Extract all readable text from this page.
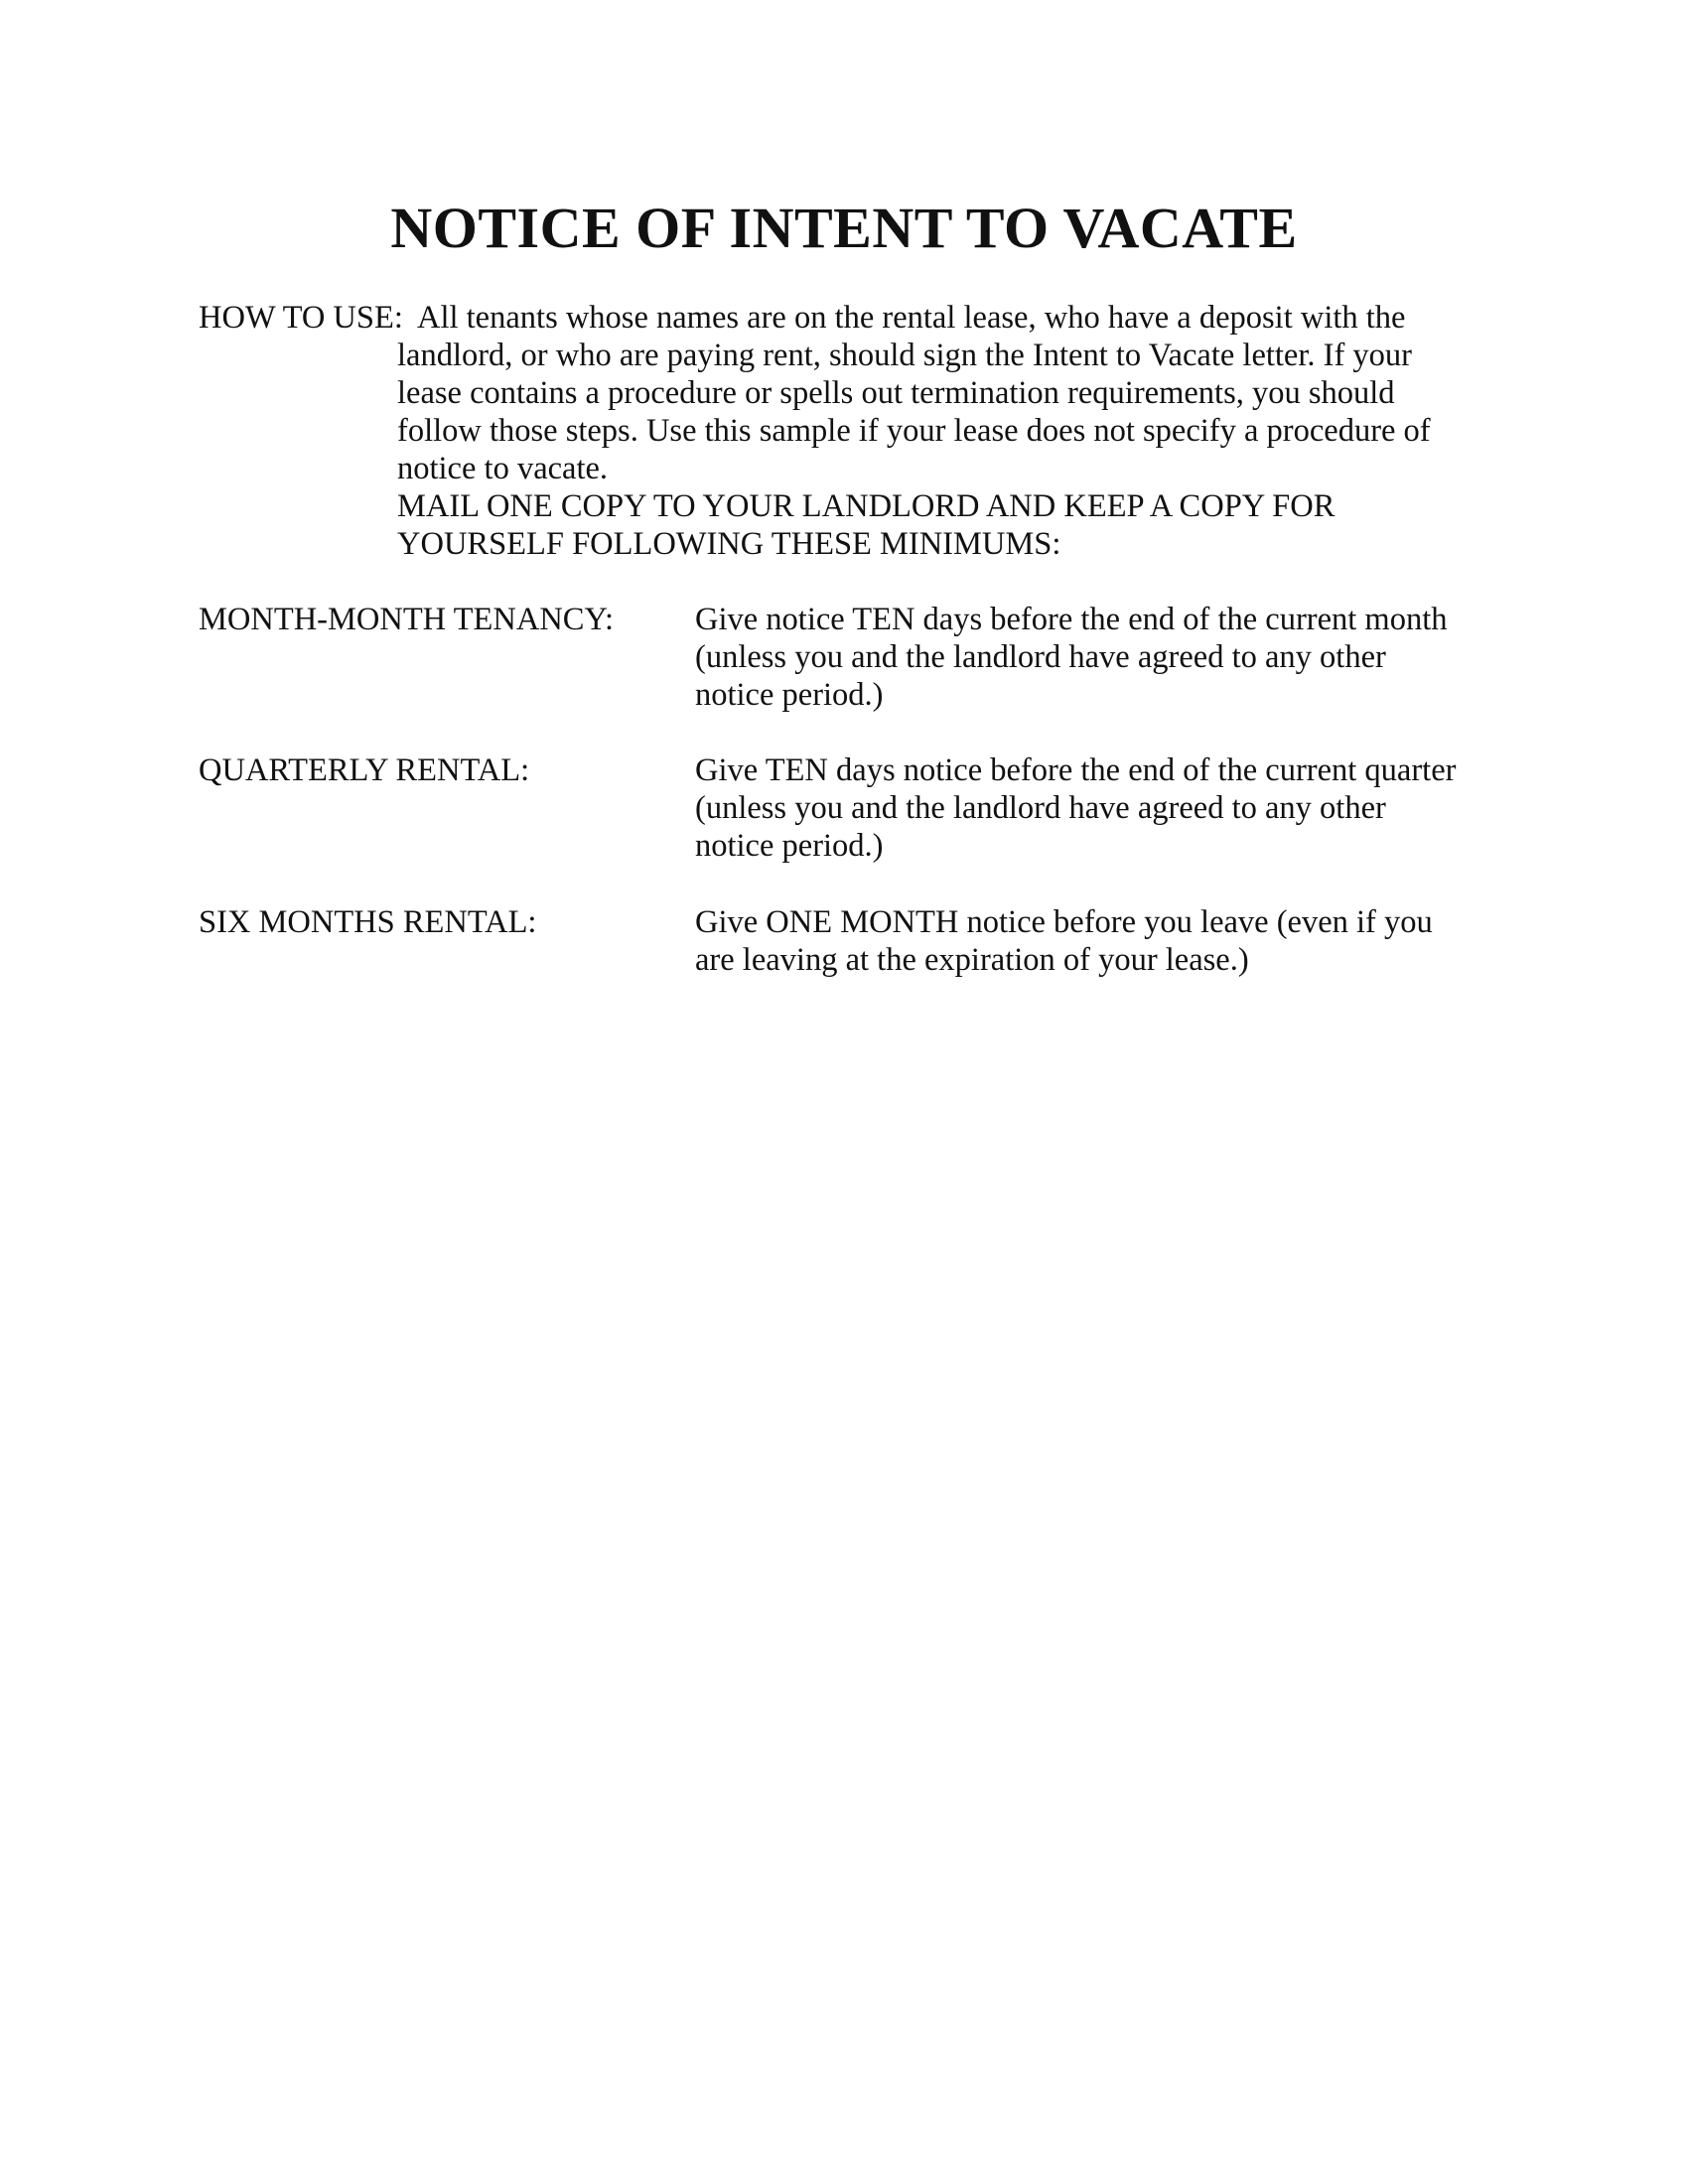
NOTICE OF INTENT TO VACATE
HOW TO USE: All tenants whose names are on the rental lease, who have a deposit with the
landlord, or who are paying rent, should sign the Intent to Vacate letter. If your
lease contains a procedure or spells out termination requirements, you should
follow those steps. Use this sample if your lease does not specify a procedure of
notice to vacate.
MAIL ONE COPY TO YOUR LANDLORD AND KEEP A COPY FOR
YOURSELF FOLLOWING THESE MINIMUMS:
MONTH-MONTH TENANCY:	Give notice TEN days before the end of the current month
(unless you and the landlord have agreed to any other
notice period.)
QUARTERLY RENTAL:	Give TEN days notice before the end of the current quarter
(unless you and the landlord have agreed to any other
notice period.)
SIX MONTHS RENTAL:	Give ONE MONTH notice before you leave (even if you
are leaving at the expiration of your lease.)
